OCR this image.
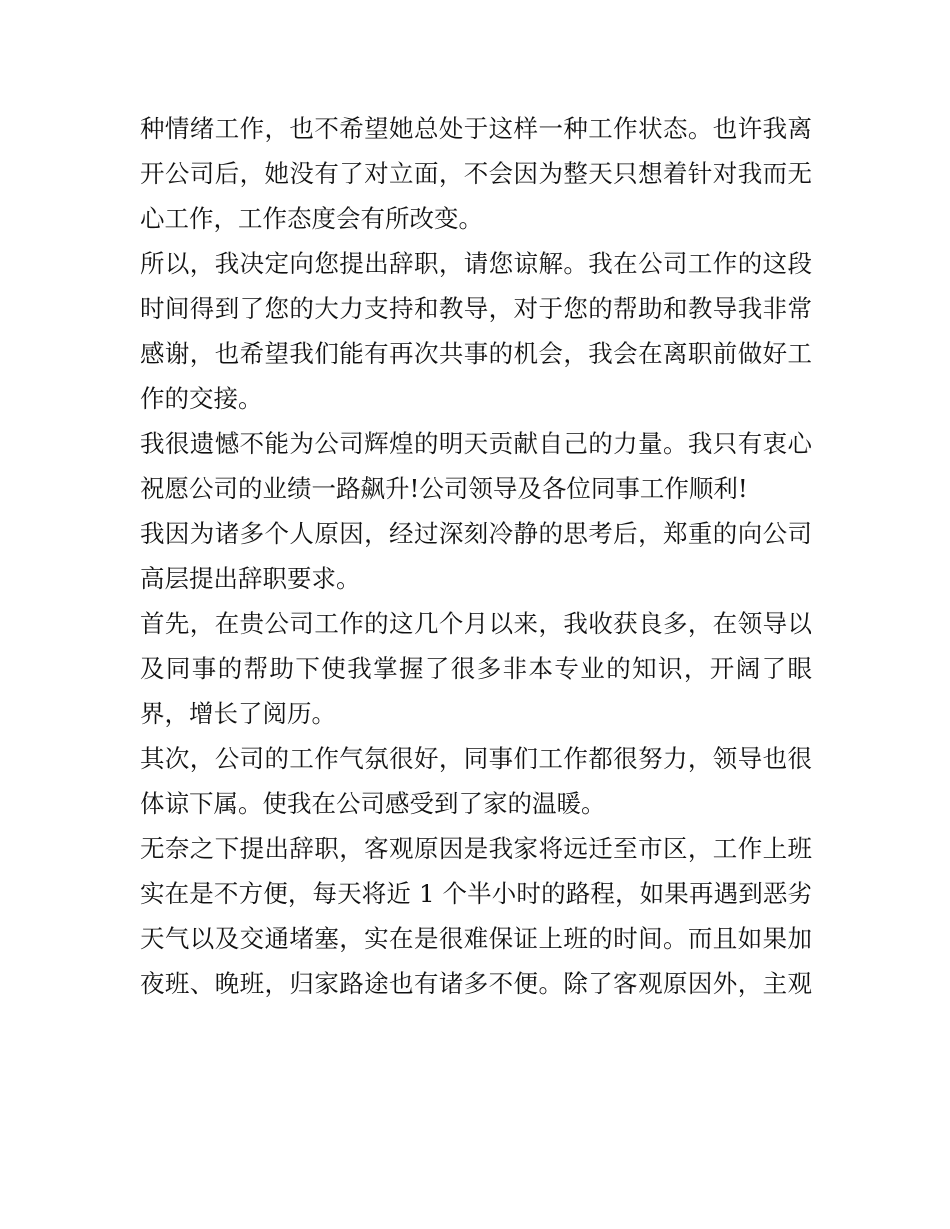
种情绪工作，也不希望她总处于这样一种工作状态。也许我离
开公司后，她没有了对立面，不会因为整天只想着针对我而无
心工作，工作态度会有所改变。
所以，我决定向您提出辞职，请您谅解。我在公司工作的这段
时间得到了您的大力支持和教导，对于您的帮助和教导我非常
感谢，也希望我们能有再次共事的机会，我会在离职前做好工
作的交接。
我很遗憾不能为公司辉煌的明天贡献自己的力量。我只有衷心
祝愿公司的业绩一路飙升!公司领导及各位同事工作顺利!
我因为诸多个人原因，经过深刻冷静的思考后，郑重的向公司
高层提出辞职要求。
首先，在贵公司工作的这几个月以来，我收获良多，在领导以
及同事的帮助下使我掌握了很多非本专业的知识，开阔了眼
界，增长了阅历。
其次，公司的工作气氛很好，同事们工作都很努力，领导也很
体谅下属。使我在公司感受到了家的温暖。
无奈之下提出辞职，客观原因是我家将远迁至市区，工作上班
实在是不方便，每天将近 1 个半小时的路程，如果再遇到恶劣
天气以及交通堵塞，实在是很难保证上班的时间。而且如果加
夜班、晚班，归家路途也有诸多不便。除了客观原因外，主观
